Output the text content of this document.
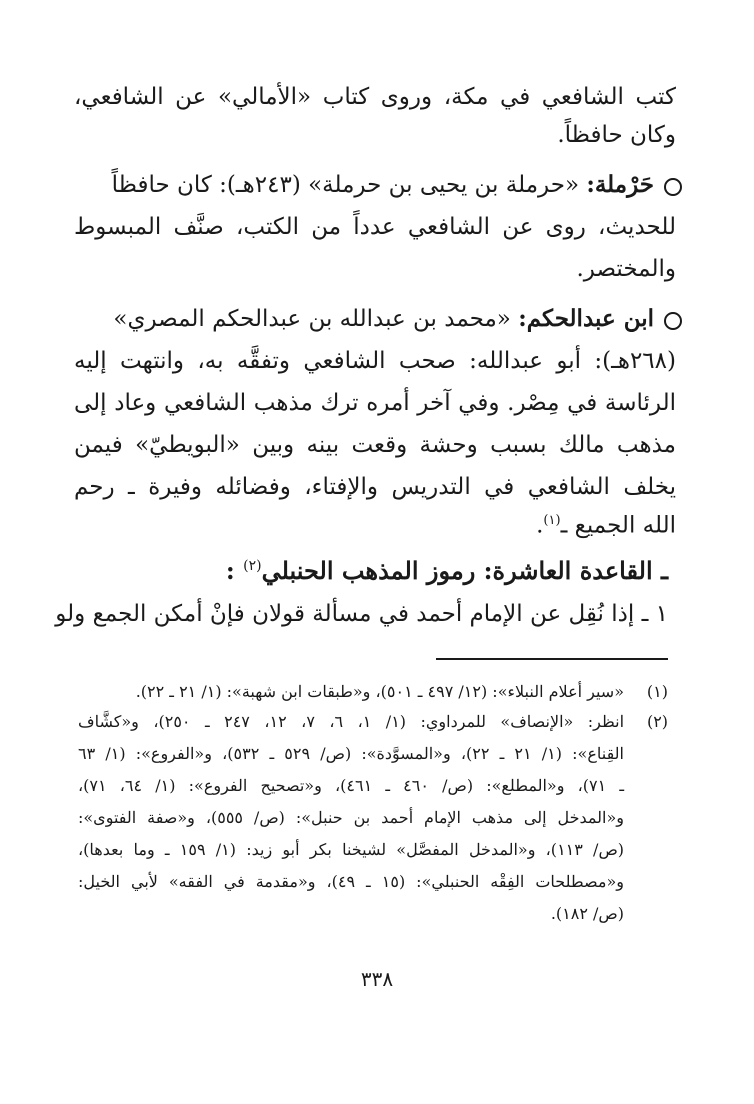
كتب الشافعي في مكة، وروى كتاب «الأمالي» عن الشافعي،
وكان حافظاً.
حَرْملة: «حرملة بن يحيى بن حرملة» (٢٤٣هـ): كان حافظاً
للحديث، روى عن الشافعي عدداً من الكتب، صنَّف المبسوط
والمختصر.
ابن عبدالحكم: «محمد بن عبدالله بن عبدالحكم المصري»
(٢٦٨هـ): أبو عبدالله: صحب الشافعي وتفقَّه به، وانتهت إليه
الرئاسة في مِصْر. وفي آخر أمره ترك مذهب الشافعي وعاد إلى
مذهب مالك بسبب وحشة وقعت بينه وبين «البويطيّ» فيمن
يخلف الشافعي في التدريس والإفتاء، وفضائله وفيرة ـ رحم
الله الجميع ـ$^{(١)}$.
ـ القاعدة العاشرة: رموز المذهب الحنبلي$^{(٢)}$ :
١ ـ إذا نُقِل عن الإمام أحمد في مسألة قولان فإنْ أمكن الجمع ولو
(١)«سير أعلام النبلاء»: (١٢/ ٤٩٧ ـ ٥٠١)، و«طبقات ابن شهبة»: (١/ ٢١ ـ ٢٢).
(٢)انظر: «الإنصاف» للمرداوي: (١/ ١، ٦، ٧، ١٢، ٢٤٧ ـ ٢٥٠)، و«كشَّاف
القِناع»: (١/ ٢١ ـ ٢٢)، و«المسوَّدة»: (ص/ ٥٢٩ ـ ٥٣٢)، و«الفروع»: (١/ ٦٣
ـ ٧١)، و«المطلع»: (ص/ ٤٦٠ ـ ٤٦١)، و«تصحيح الفروع»: (١/ ٦٤، ٧١)،
و«المدخل إلى مذهب الإمام أحمد بن حنبل»: (ص/ ٥٥٥)، و«صفة الفتوى»:
(ص/ ١١٣)، و«المدخل المفصَّل» لشيخنا بكر أبو زيد: (١/ ١٥٩ ـ وما بعدها)،
و«مصطلحات الفِقْه الحنبلي»: (١٥ ـ ٤٩)، و«مقدمة في الفقه» لأبي الخيل:
(ص/ ١٨٢).
٣٣٨
